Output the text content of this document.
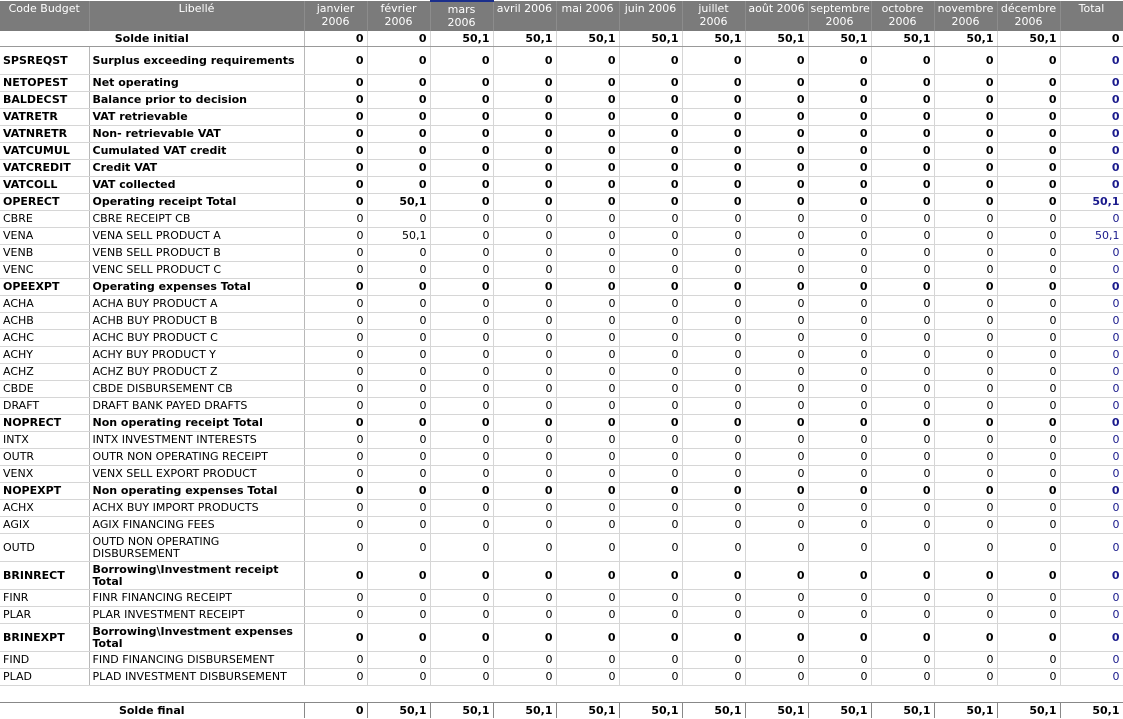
Code Budget	Libellé	janvier 2006	février 2006	mars 2006	avril 2006	mai 2006	juin 2006	juillet 2006	août 2006	septembre 2006	octobre 2006	novembre 2006	décembre 2006	Total
Solde initial		0	0	50,1	50,1	50,1	50,1	50,1	50,1	50,1	50,1	50,1	50,1	0
SPSREQST	Surplus exceeding requirements	0	0	0	0	0	0	0	0	0	0	0	0	0
NETOPEST	Net operating	0	0	0	0	0	0	0	0	0	0	0	0	0
BALDECST	Balance prior to decision	0	0	0	0	0	0	0	0	0	0	0	0	0
VATRETR	VAT retrievable	0	0	0	0	0	0	0	0	0	0	0	0	0
VATNRETR	Non- retrievable VAT	0	0	0	0	0	0	0	0	0	0	0	0	0
VATCUMUL	Cumulated VAT credit	0	0	0	0	0	0	0	0	0	0	0	0	0
VATCREDIT	Credit VAT	0	0	0	0	0	0	0	0	0	0	0	0	0
VATCOLL	VAT collected	0	0	0	0	0	0	0	0	0	0	0	0	0
OPERECT	Operating receipt Total	0	50,1	0	0	0	0	0	0	0	0	0	0	50,1
CBRE	CBRE RECEIPT CB	0	0	0	0	0	0	0	0	0	0	0	0	0
VENA	VENA SELL PRODUCT A	0	50,1	0	0	0	0	0	0	0	0	0	0	50,1
VENB	VENB SELL PRODUCT B	0	0	0	0	0	0	0	0	0	0	0	0	0
VENC	VENC SELL PRODUCT C	0	0	0	0	0	0	0	0	0	0	0	0	0
OPEEXPT	Operating expenses Total	0	0	0	0	0	0	0	0	0	0	0	0	0
ACHA	ACHA BUY PRODUCT A	0	0	0	0	0	0	0	0	0	0	0	0	0
ACHB	ACHB BUY PRODUCT B	0	0	0	0	0	0	0	0	0	0	0	0	0
ACHC	ACHC BUY PRODUCT C	0	0	0	0	0	0	0	0	0	0	0	0	0
ACHY	ACHY BUY PRODUCT Y	0	0	0	0	0	0	0	0	0	0	0	0	0
ACHZ	ACHZ BUY PRODUCT Z	0	0	0	0	0	0	0	0	0	0	0	0	0
CBDE	CBDE DISBURSEMENT CB	0	0	0	0	0	0	0	0	0	0	0	0	0
DRAFT	DRAFT BANK PAYED DRAFTS	0	0	0	0	0	0	0	0	0	0	0	0	0
NOPRECT	Non operating receipt Total	0	0	0	0	0	0	0	0	0	0	0	0	0
INTX	INTX INVESTMENT INTERESTS	0	0	0	0	0	0	0	0	0	0	0	0	0
OUTR	OUTR NON OPERATING RECEIPT	0	0	0	0	0	0	0	0	0	0	0	0	0
VENX	VENX SELL EXPORT PRODUCT	0	0	0	0	0	0	0	0	0	0	0	0	0
NOPEXPT	Non operating expenses Total	0	0	0	0	0	0	0	0	0	0	0	0	0
ACHX	ACHX BUY IMPORT PRODUCTS	0	0	0	0	0	0	0	0	0	0	0	0	0
AGIX	AGIX FINANCING FEES	0	0	0	0	0	0	0	0	0	0	0	0	0
OUTD	OUTD NON OPERATING DISBURSEMENT	0	0	0	0	0	0	0	0	0	0	0	0	0
BRINRECT	Borrowing\Investment receipt Total	0	0	0	0	0	0	0	0	0	0	0	0	0
FINR	FINR FINANCING RECEIPT	0	0	0	0	0	0	0	0	0	0	0	0	0
PLAR	PLAR INVESTMENT RECEIPT	0	0	0	0	0	0	0	0	0	0	0	0	0
BRINEXPT	Borrowing\Investment expenses Total	0	0	0	0	0	0	0	0	0	0	0	0	0
FIND	FIND FINANCING DISBURSEMENT	0	0	0	0	0	0	0	0	0	0	0	0	0
PLAD	PLAD INVESTMENT DISBURSEMENT	0	0	0	0	0	0	0	0	0	0	0	0	0

Solde final		0	50,1	50,1	50,1	50,1	50,1	50,1	50,1	50,1	50,1	50,1	50,1	50,1
